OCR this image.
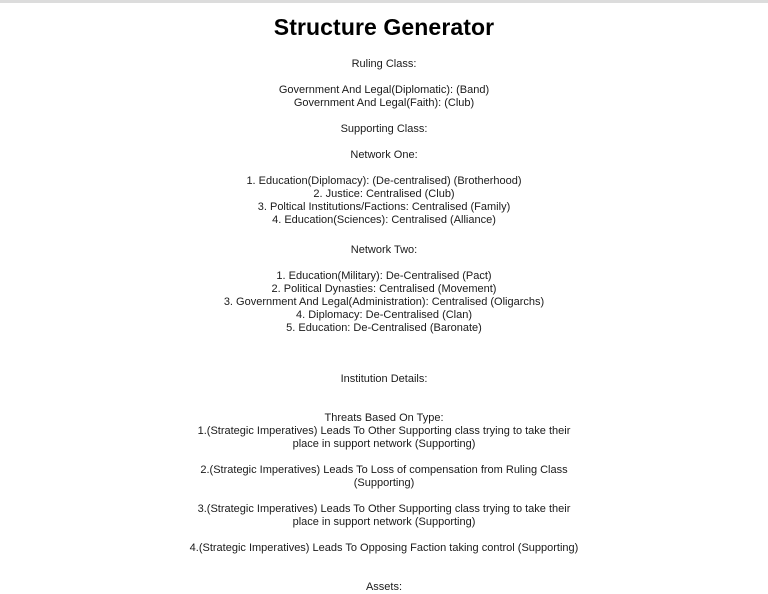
Structure Generator

Ruling Class:

Government And Legal(Diplomatic): (Band)

Government And Legal(Faith): (Club)

Supporting Class:

Network One:

1. Education(Diplomacy): (De-centralised) (Brotherhood)

2. Justice: Centralised (Club)

3. Poltical Institutions/Factions: Centralised (Family)

4. Education(Sciences): Centralised (Alliance)

Network Two:

1. Education(Military): De-Centralised (Pact)

2. Political Dynasties: Centralised (Movement)

3. Government And Legal(Administration): Centralised (Oligarchs)

4. Diplomacy: De-Centralised (Clan)

5. Education: De-Centralised (Baronate)

Institution Details:

Threats Based On Type:

1.(Strategic Imperatives) Leads To Other Supporting class trying to take their place in support network (Supporting)

2.(Strategic Imperatives) Leads To Loss of compensation from Ruling Class (Supporting)

3.(Strategic Imperatives) Leads To Other Supporting class trying to take their place in support network (Supporting)

4.(Strategic Imperatives) Leads To Opposing Faction taking control (Supporting)

Assets:
